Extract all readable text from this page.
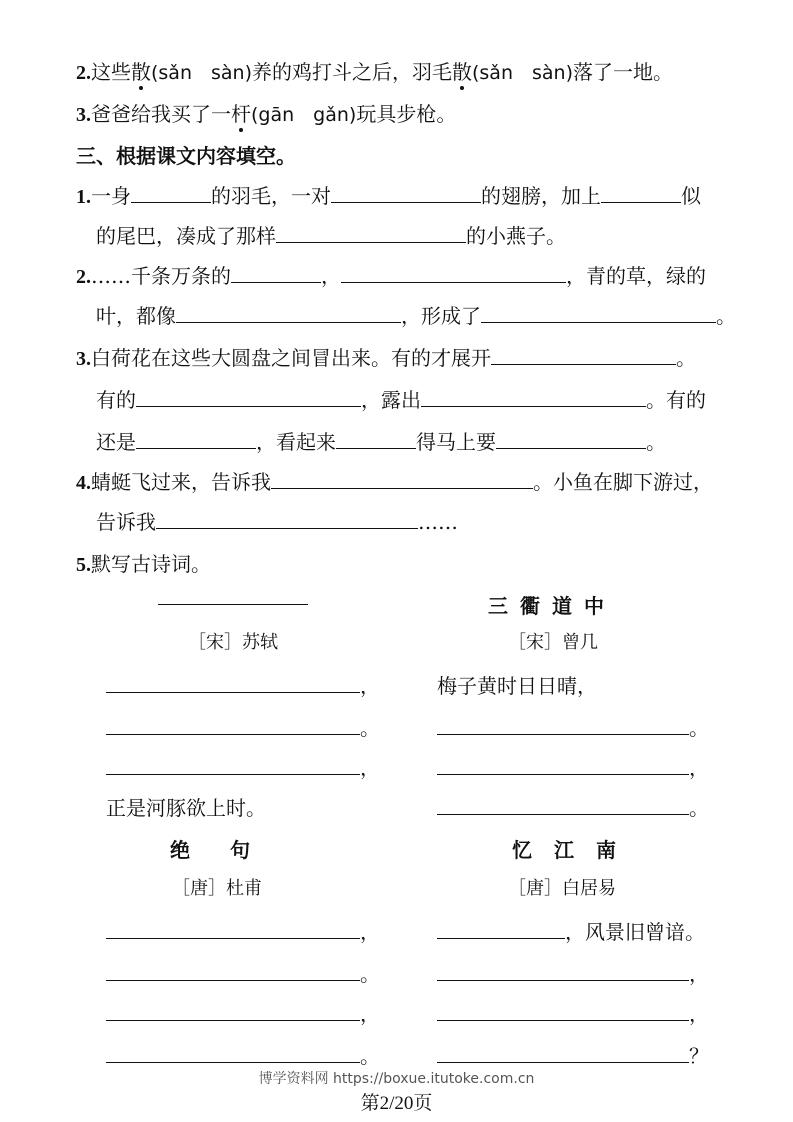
2.这些散(sǎn　sàn)养的鸡打斗之后，羽毛散(sǎn　sàn)落了一地。
3.爸爸给我买了一杆(gān　gǎn)玩具步枪。
三、根据课文内容填空。
1.一身	的羽毛，一对	的翅膀，加上	似
的尾巴，凑成了那样	的小燕子。
2.……千条万条的	，	，青的草，绿的
叶，都像	，形成了	。
3.白荷花在这些大圆盘之间冒出来。有的才展开	。
有的	，露出	。有的
还是	，看起来	得马上要	。
4.蜻蜓飞过来，告诉我	。小鱼在脚下游过，
告诉我	……
5.默写古诗词。
［宋］苏轼
，
。
，
正是河豚欲上时。
三衢道中
［宋］曾几
梅子黄时日日晴，
。
，
。
绝句
［唐］杜甫
，
。
，
。
忆江南
［唐］白居易
，风景旧曾谙。
，
，
？
博学资料网 https://boxue.itutoke.com.cn
第2/20页
